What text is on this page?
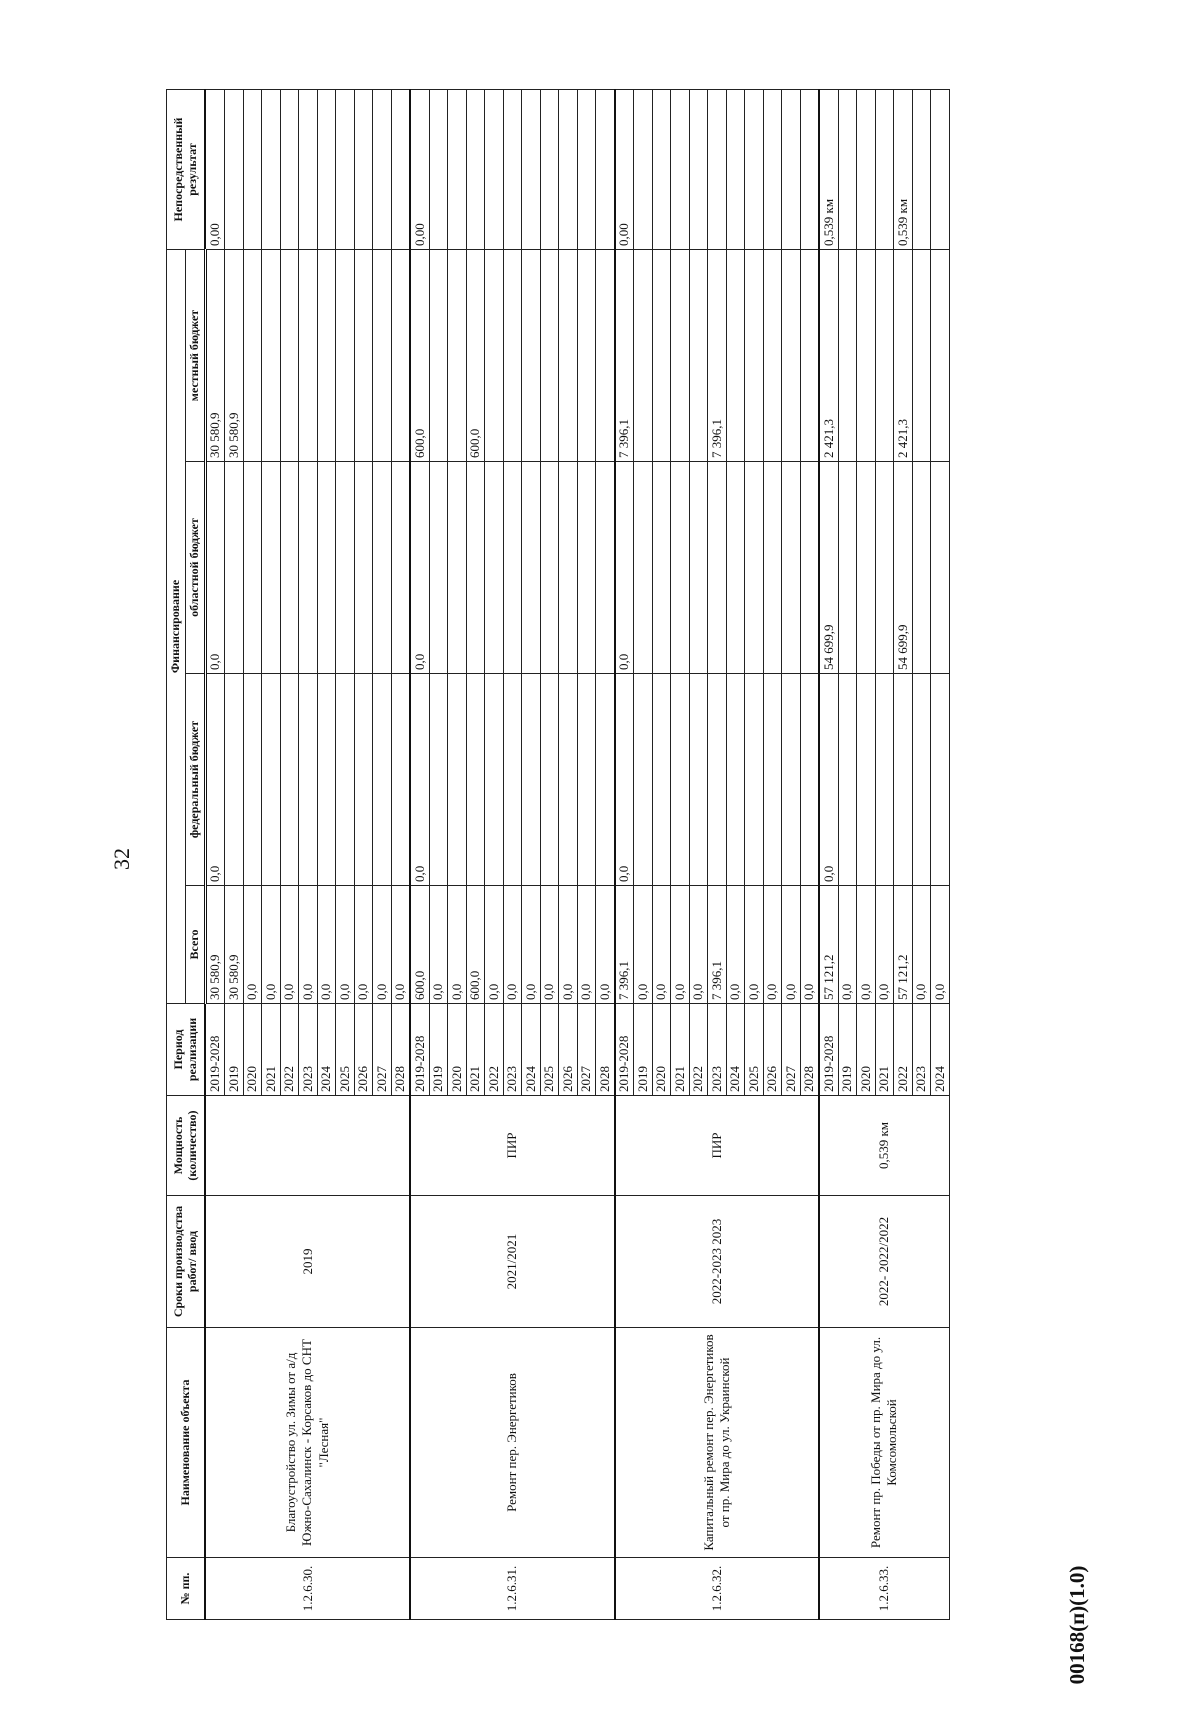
32
№ пп.	Наименование объекта	Сроки производства работ/ ввод	Мощность (количество)	Период реализации	Финансирование				Непосредственный результат
					Всего	федеральный бюджет	областной бюджет	местный бюджет	
1.2.6.30.	Благоустройство ул. Зимы от а/д Южно-Сахалинск - Корсаков до СНТ "Лесная"	2019		2019-2028	30 580,9	0,0	0,0	30 580,9	0,00
				2019	30 580,9			30 580,9	
				2020	0,0				
				2021	0,0				
				2022	0,0				
				2023	0,0				
				2024	0,0				
				2025	0,0				
				2026	0,0				
				2027	0,0				
				2028	0,0				
1.2.6.31.	Ремонт пер. Энергетиков	2021/2021	ПИР	2019-2028	600,0	0,0	0,0	600,0	0,00
				2019	0,0				
				2020	0,0				
				2021	600,0			600,0	
				2022	0,0				
				2023	0,0				
				2024	0,0				
				2025	0,0				
				2026	0,0				
				2027	0,0				
				2028	0,0				
1.2.6.32.	Капитальный ремонт пер. Энергетиков от пр. Мира до ул. Украинской	2022-2023 2023	ПИР	2019-2028	7 396,1	0,0	0,0	7 396,1	0,00
				2019	0,0				
				2020	0,0				
				2021	0,0				
				2022	0,0				
				2023	7 396,1			7 396,1	
				2024	0,0				
				2025	0,0				
				2026	0,0				
				2027	0,0				
				2028	0,0				
1.2.6.33.	Ремонт пр. Победы от пр. Мира до ул. Комсомольской	2022- 2022/2022	0,539 км	2019-2028	57 121,2	0,0	54 699,9	2 421,3	0,539 км
				2019	0,0				
				2020	0,0				
				2021	0,0				
				2022	57 121,2		54 699,9	2 421,3	0,539 км
				2023	0,0				
				2024	0,0				
00168(п)(1.0)
